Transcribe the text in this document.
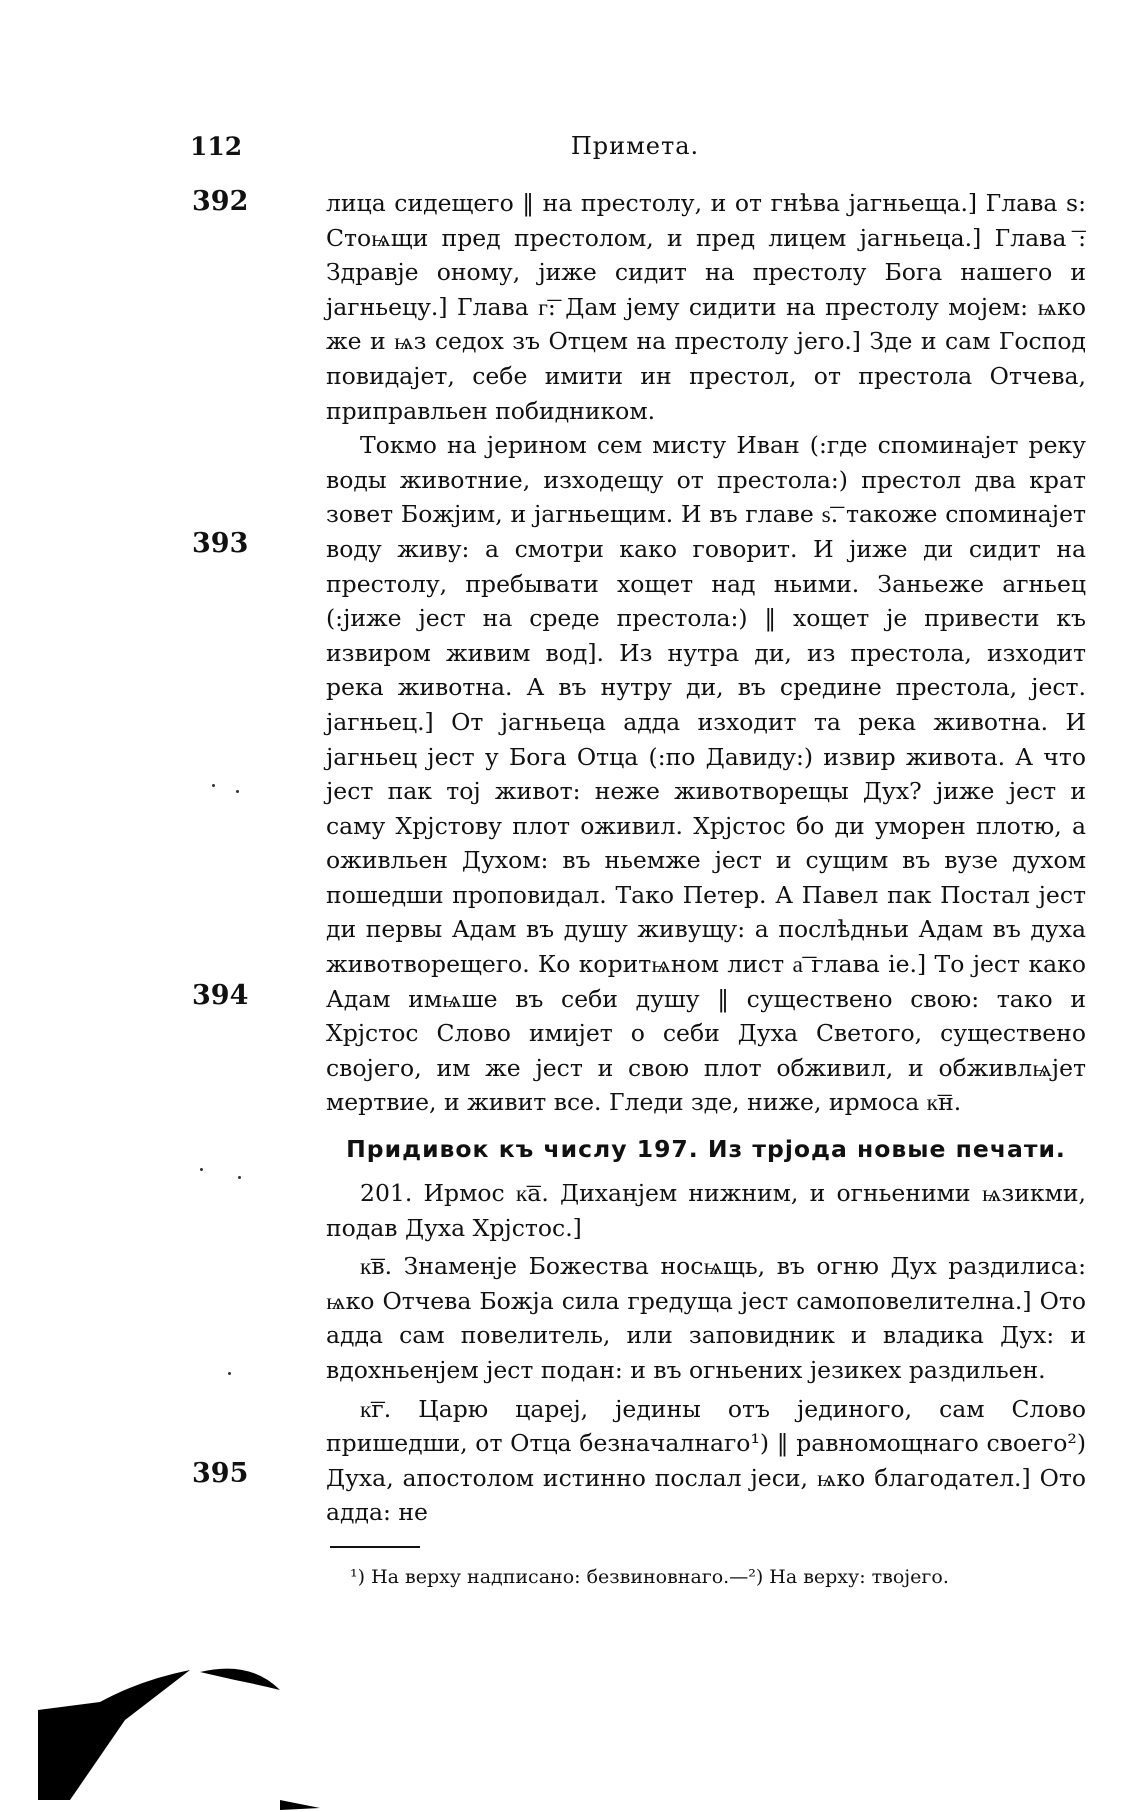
112	Примета.
392
393
394
395

лица сидещего ‖ на престолу, и от гнѣва јагньеща.] Глава ѕ: Стоѩщи пред престолом, и пред лицем јагньеца.] Глава ͞: Здравје оному, јиже сидит на престолу Бога нашего и јагньецу.] Глава г͞: Дам јему сидити на престолу мојем: ѩко же и ѩз седох зъ Отцем на престолу јего.] Зде и сам Господ повидајет, себе имити ин престол, от престола Отчева, приправльен побидником.

Токмо на јерином сем мисту Иван (:где споминајет реку воды животние, изходещу от престола:) престол два крат зовет Божјим, и јагньещим. И въ главе ѕ͞. такоже споминајет воду живу: а смотри како говорит. И јиже ди сидит на престолу, пребывати хощет над ньими. Заньеже агньец (:јиже јест на среде престола:) ‖ хощет је привести къ извиром живим вод]. Из нутра ди, из престола, изходит река животна. А въ нутру ди, въ средине престола, јест. јагньец.] От јагньеца адда изходит та река животна. И јагньец јест у Бога Отца (:по Давиду:) извир живота. А что јест пак тој живот: неже животворещы Дух? јиже јест и саму Хрјстову плот оживил. Хрјстос бо ди уморен плотю, а оживльен Духом: въ ньемже јест и сущим въ вузе духом пошедши проповидал. Тако Петер. А Павел пак Постал јест ди первы Адам въ душу живущу: а послѣдньи Адам въ духа животворещего. Ко коритѩном лист а͞ глава iе.] То јест како Адам имѩше въ себи душу ‖ существено свою: тако и Хрјстос Слово имијет о себи Духа Светого, существено својего, им же јест и свою плот обживил, и обживлѩјет мертвие, и живит все. Гледи зде, ниже, ирмоса к͞н.

Придивок къ числу 197. Из трјода новые печати.

201. Ирмос к͞а. Диханјем нижним, и огньеними ѩзикми, подав Духа Хрјстос.]

к͞в. Знаменје Божества носѩщь, въ огню Дух раздилиса: ѩко Отчева Божја сила гредуща јест самоповелителна.] Ото адда сам повелитель, или заповидник и владика Дух: и вдохньенјем јест подан: и въ огньених језикех раздильен.

к͞г. Царю цареј, једины отъ јединого, сам Слово пришедши, от Отца безначалнаго¹) ‖ равномощнаго своего²) Духа, апостолом истинно послал јеси, ѩко благодател.] Ото адда: не

¹) На верху надписано: безвиновнаго.—²) На верху: твојего.
